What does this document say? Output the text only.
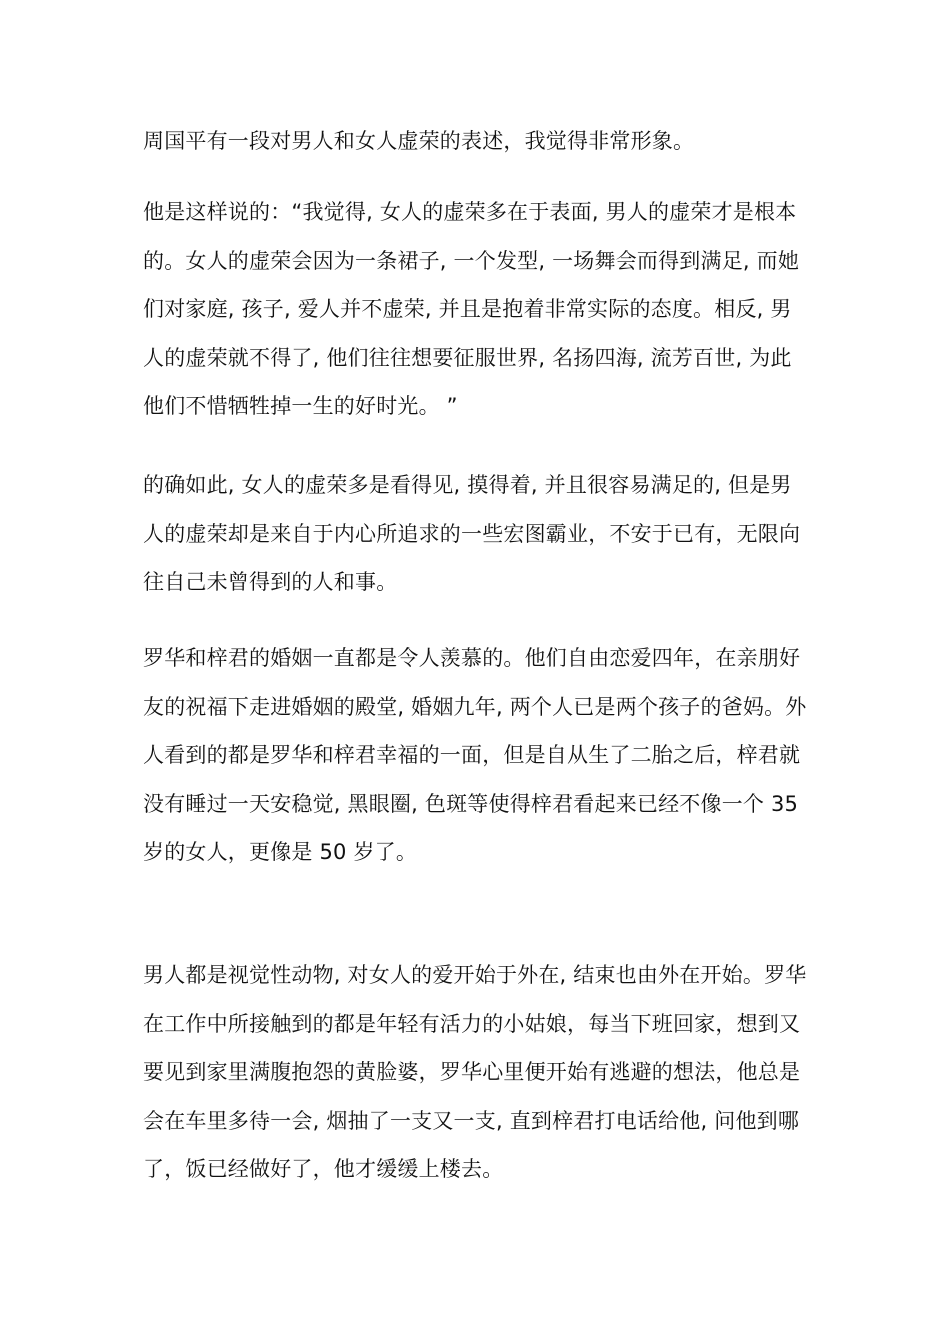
周国平有一段对男人和女人虚荣的表述，我觉得非常形象。

他是这样说的：“我觉得, 女人的虚荣多在于表面, 男人的虚荣才是根本
的。女人的虚荣会因为一条裙子, 一个发型, 一场舞会而得到满足, 而她
们对家庭, 孩子, 爱人并不虚荣, 并且是抱着非常实际的态度。相反, 男
人的虚荣就不得了, 他们往往想要征服世界, 名扬四海, 流芳百世, 为此
他们不惜牺牲掉一生的好时光。 ”

的确如此, 女人的虚荣多是看得见, 摸得着, 并且很容易满足的, 但是男
人的虚荣却是来自于内心所追求的一些宏图霸业，不安于已有，无限向
往自己未曾得到的人和事。

罗华和梓君的婚姻一直都是令人羡慕的。他们自由恋爱四年，在亲朋好
友的祝福下走进婚姻的殿堂, 婚姻九年, 两个人已是两个孩子的爸妈。外
人看到的都是罗华和梓君幸福的一面，但是自从生了二胎之后，梓君就
没有睡过一天安稳觉, 黑眼圈, 色斑等使得梓君看起来已经不像一个 35
岁的女人，更像是 50 岁了。

男人都是视觉性动物, 对女人的爱开始于外在, 结束也由外在开始。罗华
在工作中所接触到的都是年轻有活力的小姑娘，每当下班回家，想到又
要见到家里满腹抱怨的黄脸婆，罗华心里便开始有逃避的想法，他总是
会在车里多待一会, 烟抽了一支又一支, 直到梓君打电话给他, 问他到哪
了，饭已经做好了，他才缓缓上楼去。
